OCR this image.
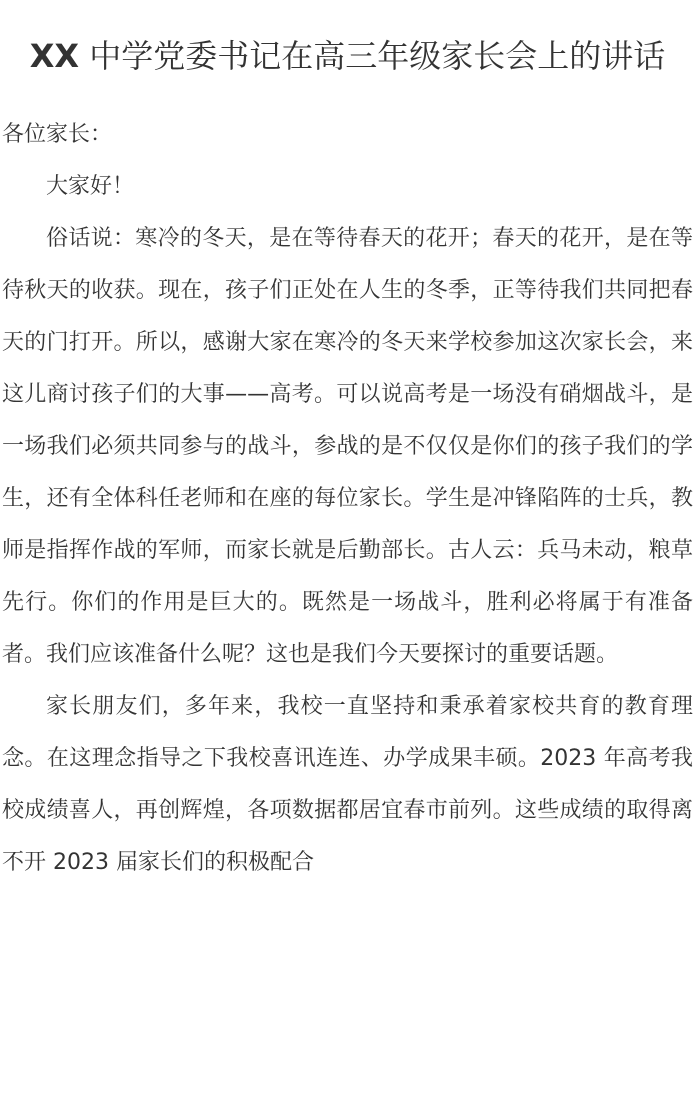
XX 中学党委书记在高三年级家长会上的讲话

各位家长：

大家好！

俗话说：寒冷的冬天，是在等待春天的花开；春天的花开，是在等待秋天的收获。现在，孩子们正处在人生的冬季，正等待我们共同把春天的门打开。所以，感谢大家在寒冷的冬天来学校参加这次家长会，来这儿商讨孩子们的大事——高考。可以说高考是一场没有硝烟战斗，是一场我们必须共同参与的战斗，参战的是不仅仅是你们的孩子我们的学生，还有全体科任老师和在座的每位家长。学生是冲锋陷阵的士兵，教师是指挥作战的军师，而家长就是后勤部长。古人云：兵马未动，粮草先行。你们的作用是巨大的。既然是一场战斗，胜利必将属于有准备者。我们应该准备什么呢？这也是我们今天要探讨的重要话题。

家长朋友们，多年来，我校一直坚持和秉承着家校共育的教育理念。在这理念指导之下我校喜讯连连、办学成果丰硕。2023 年高考我校成绩喜人，再创辉煌，各项数据都居宜春市前列。这些成绩的取得离不开 2023 届家长们的积极配合
